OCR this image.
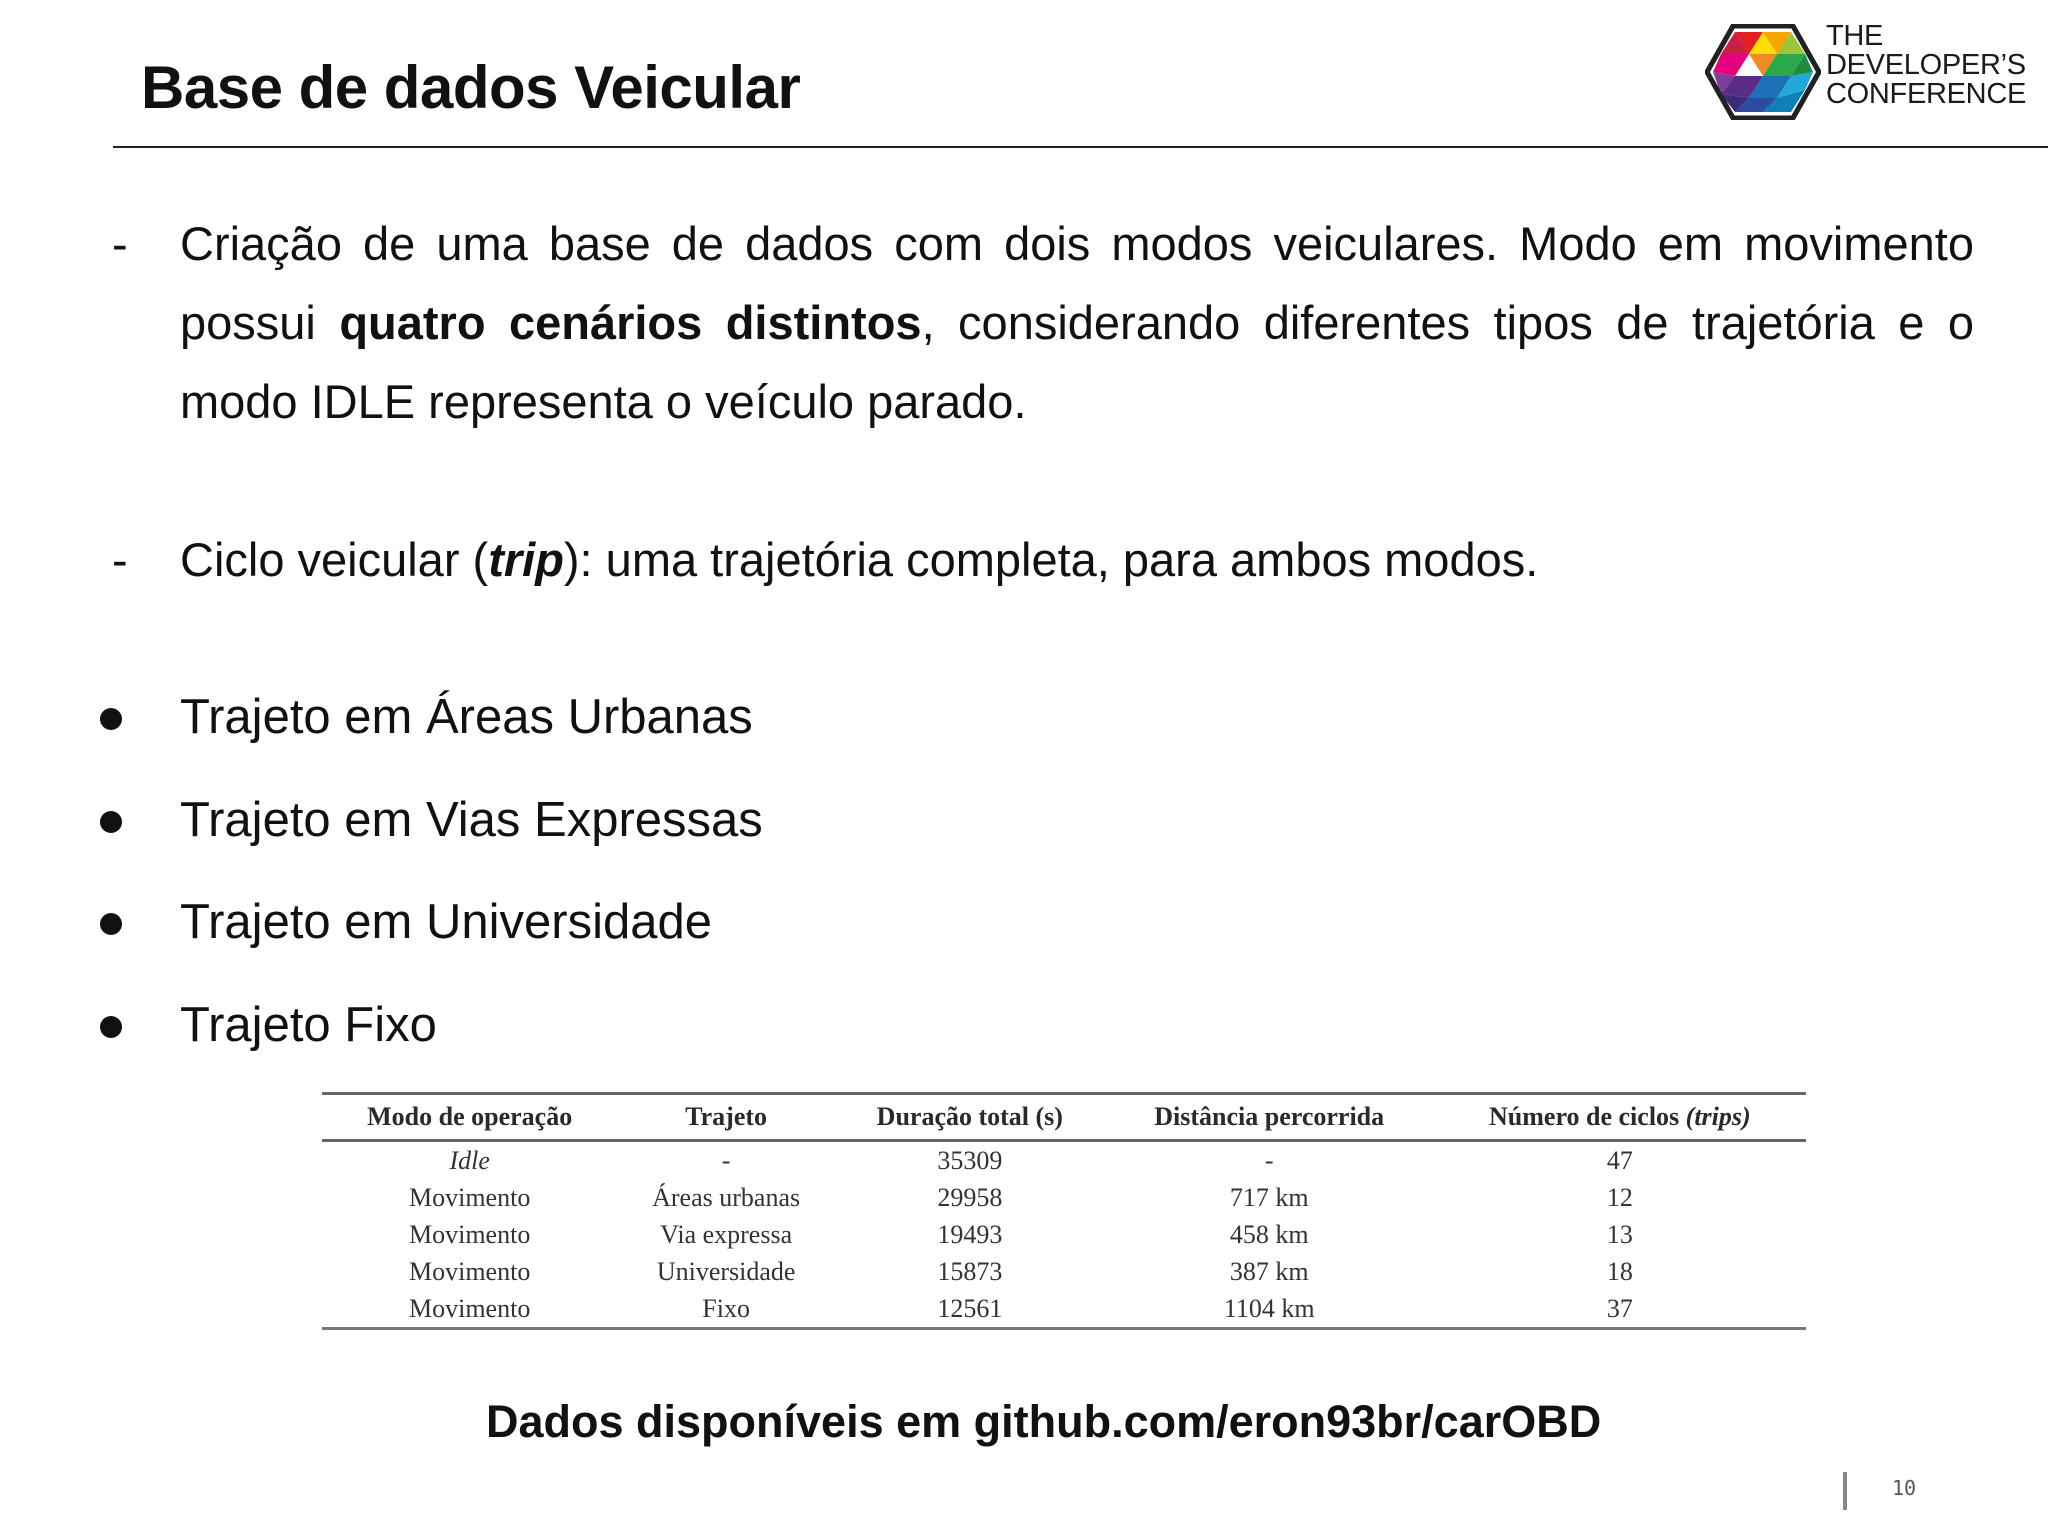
Base de dados Veicular
THE
DEVELOPER’S
CONFERENCE
- Criação de uma base de dados com dois modos veiculares. Modo em movimento possui quatro cenários distintos, considerando diferentes tipos de trajetória e o modo IDLE representa o veículo parado.
- Ciclo veicular (trip): uma trajetória completa, para ambos modos.
Trajeto em Áreas Urbanas
Trajeto em Vias Expressas
Trajeto em Universidade
Trajeto Fixo
Modo de operação	Trajeto	Duração total (s)	Distância percorrida	Número de ciclos (trips)
Idle	-	35309	-	47
Movimento	Áreas urbanas	29958	717 km	12
Movimento	Via expressa	19493	458 km	13
Movimento	Universidade	15873	387 km	18
Movimento	Fixo	12561	1104 km	37
Dados disponíveis em github.com/eron93br/carOBD
10
